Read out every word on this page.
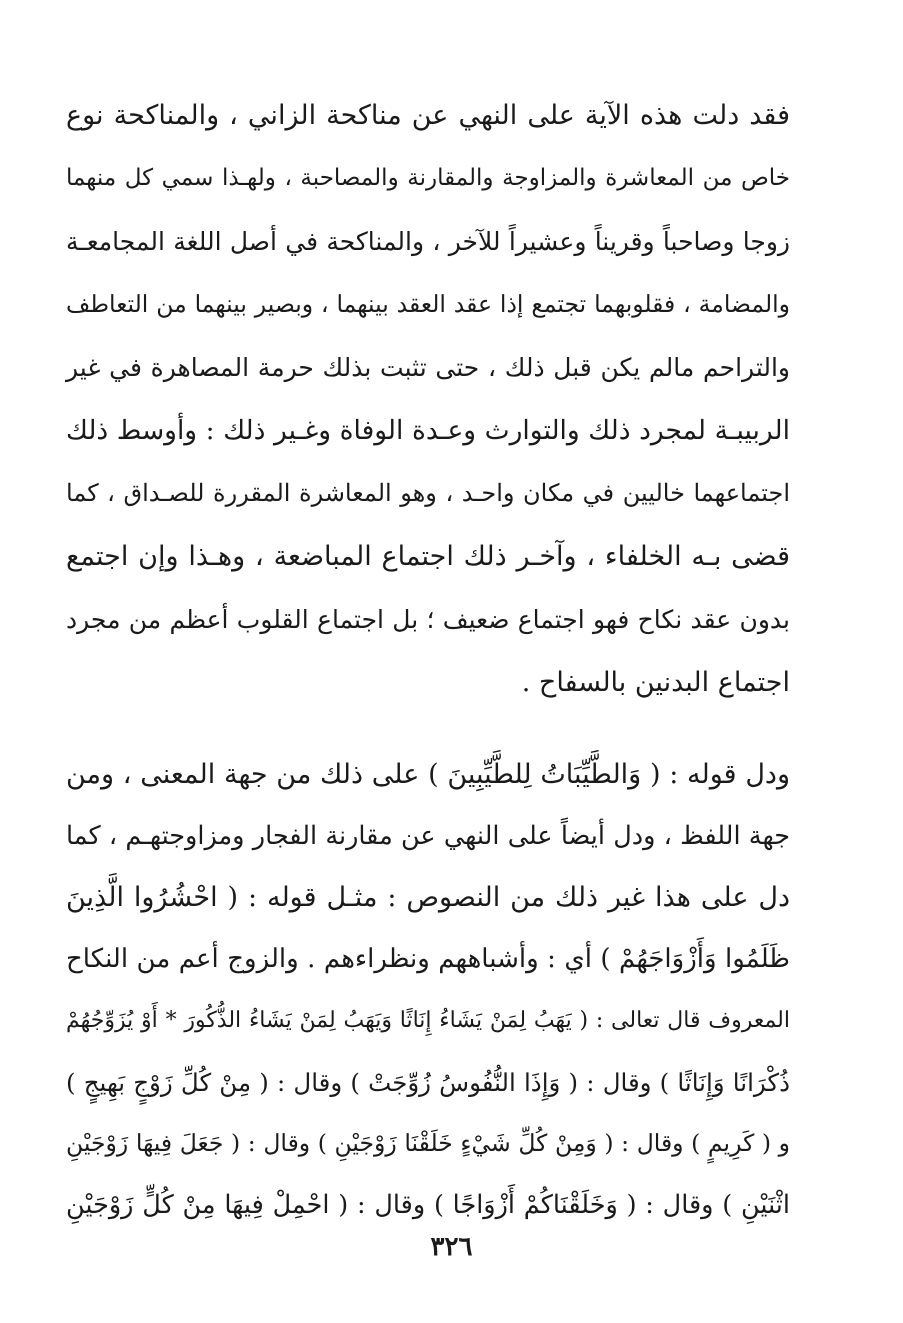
فقد دلت هذه الآية على النهي عن مناكحة الزاني ، والمناكحة نوع
خاص من المعاشرة والمزاوجة والمقارنة والمصاحبة ، ولهـذا سمي كل منهما
زوجا وصاحباً وقريناً وعشيراً للآخر ، والمناكحة في أصل اللغة المجامعـة
والمضامة ، فقلوبهما تجتمع إذا عقد العقد بينهما ، وبصير بينهما من التعاطف
والتراحم مالم يكن قبل ذلك ، حتى تثبت بذلك حرمة المصاهرة في غير
الربيبـة لمجرد ذلك والتوارث وعـدة الوفاة وغـير ذلك : وأوسط ذلك
اجتماعهما خاليين في مكان واحـد ، وهو المعاشرة المقررة للصـداق ، كما
قضى بـه الخلفاء ، وآخـر ذلك اجتماع المباضعة ، وهـذا وإن اجتمع
بدون عقد نكاح فهو اجتماع ضعيف ؛ بل اجتماع القلوب أعظم من مجرد
اجتماع البدنين بالسفاح .
ودل قوله : ( وَالطَّيِّبَاتُ لِلطَّيِّبِينَ ) على ذلك من جهة المعنى ، ومن
جهة اللفظ ، ودل أيضاً على النهي عن مقارنة الفجار ومزاوجتهـم ، كما
دل على هذا غير ذلك من النصوص : مثـل قوله : ( احْشُرُوا الَّذِينَ
ظَلَمُوا وَأَزْوَاجَهُمْ ) أي : وأشباههم ونظراءهم . والزوج أعم من النكاح
المعروف قال تعالى : ( يَهَبُ لِمَنْ يَشَاءُ إِنَاثًا وَيَهَبُ لِمَنْ يَشَاءُ الذُّكُورَ * أَوْ يُزَوِّجُهُمْ
ذُكْرَانًا وَإِنَاثًا ) وقال : ( وَإِذَا النُّفُوسُ زُوِّجَتْ ) وقال : ( مِنْ كُلِّ زَوْجٍ بَهِيجٍ )
و ( كَرِيمٍ ) وقال : ( وَمِنْ كُلِّ شَيْءٍ خَلَقْنَا زَوْجَيْنِ ) وقال : ( جَعَلَ فِيهَا زَوْجَيْنِ
اثْنَيْنِ ) وقال : ( وَخَلَقْنَاكُمْ أَزْوَاجًا ) وقال : ( احْمِلْ فِيهَا مِنْ كُلٍّ زَوْجَيْنِ
٣٢٦
